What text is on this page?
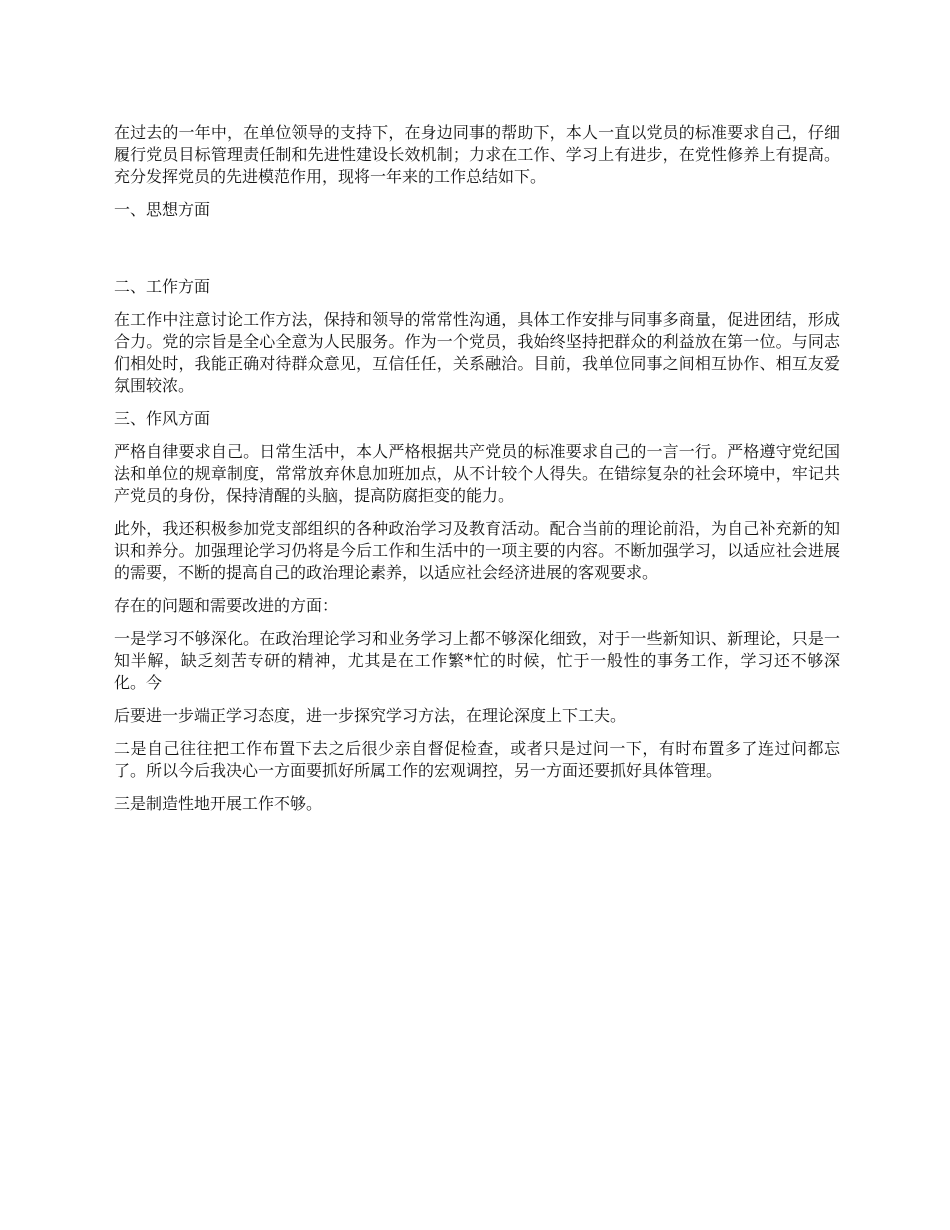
在过去的一年中，在单位领导的支持下，在身边同事的帮助下，本人一直以党员的标准要求自己，仔细履行党员目标管理责任制和先进性建设长效机制；力求在工作、学习上有进步，在党性修养上有提高。充分发挥党员的先进模范作用，现将一年来的工作总结如下。

一、思想方面

二、工作方面

在工作中注意讨论工作方法，保持和领导的常常性沟通，具体工作安排与同事多商量，促进团结，形成合力。党的宗旨是全心全意为人民服务。作为一个党员，我始终坚持把群众的利益放在第一位。与同志们相处时，我能正确对待群众意见，互信任任，关系融洽。目前，我单位同事之间相互协作、相互友爱氛围较浓。

三、作风方面

严格自律要求自己。日常生活中，本人严格根据共产党员的标准要求自己的一言一行。严格遵守党纪国法和单位的规章制度，常常放弃休息加班加点，从不计较个人得失。在错综复杂的社会环境中，牢记共产党员的身份，保持清醒的头脑，提高防腐拒变的能力。

此外，我还积极参加党支部组织的各种政治学习及教育活动。配合当前的理论前沿，为自己补充新的知识和养分。加强理论学习仍将是今后工作和生活中的一项主要的内容。不断加强学习，以适应社会进展的需要，不断的提高自己的政治理论素养，以适应社会经济进展的客观要求。

存在的问题和需要改进的方面：

一是学习不够深化。在政治理论学习和业务学习上都不够深化细致，对于一些新知识、新理论，只是一知半解，缺乏刻苦专研的精神，尤其是在工作繁*忙的时候，忙于一般性的事务工作，学习还不够深化。今

后要进一步端正学习态度，进一步探究学习方法，在理论深度上下工夫。

二是自己往往把工作布置下去之后很少亲自督促检查，或者只是过问一下，有时布置多了连过问都忘了。所以今后我决心一方面要抓好所属工作的宏观调控，另一方面还要抓好具体管理。

三是制造性地开展工作不够。
